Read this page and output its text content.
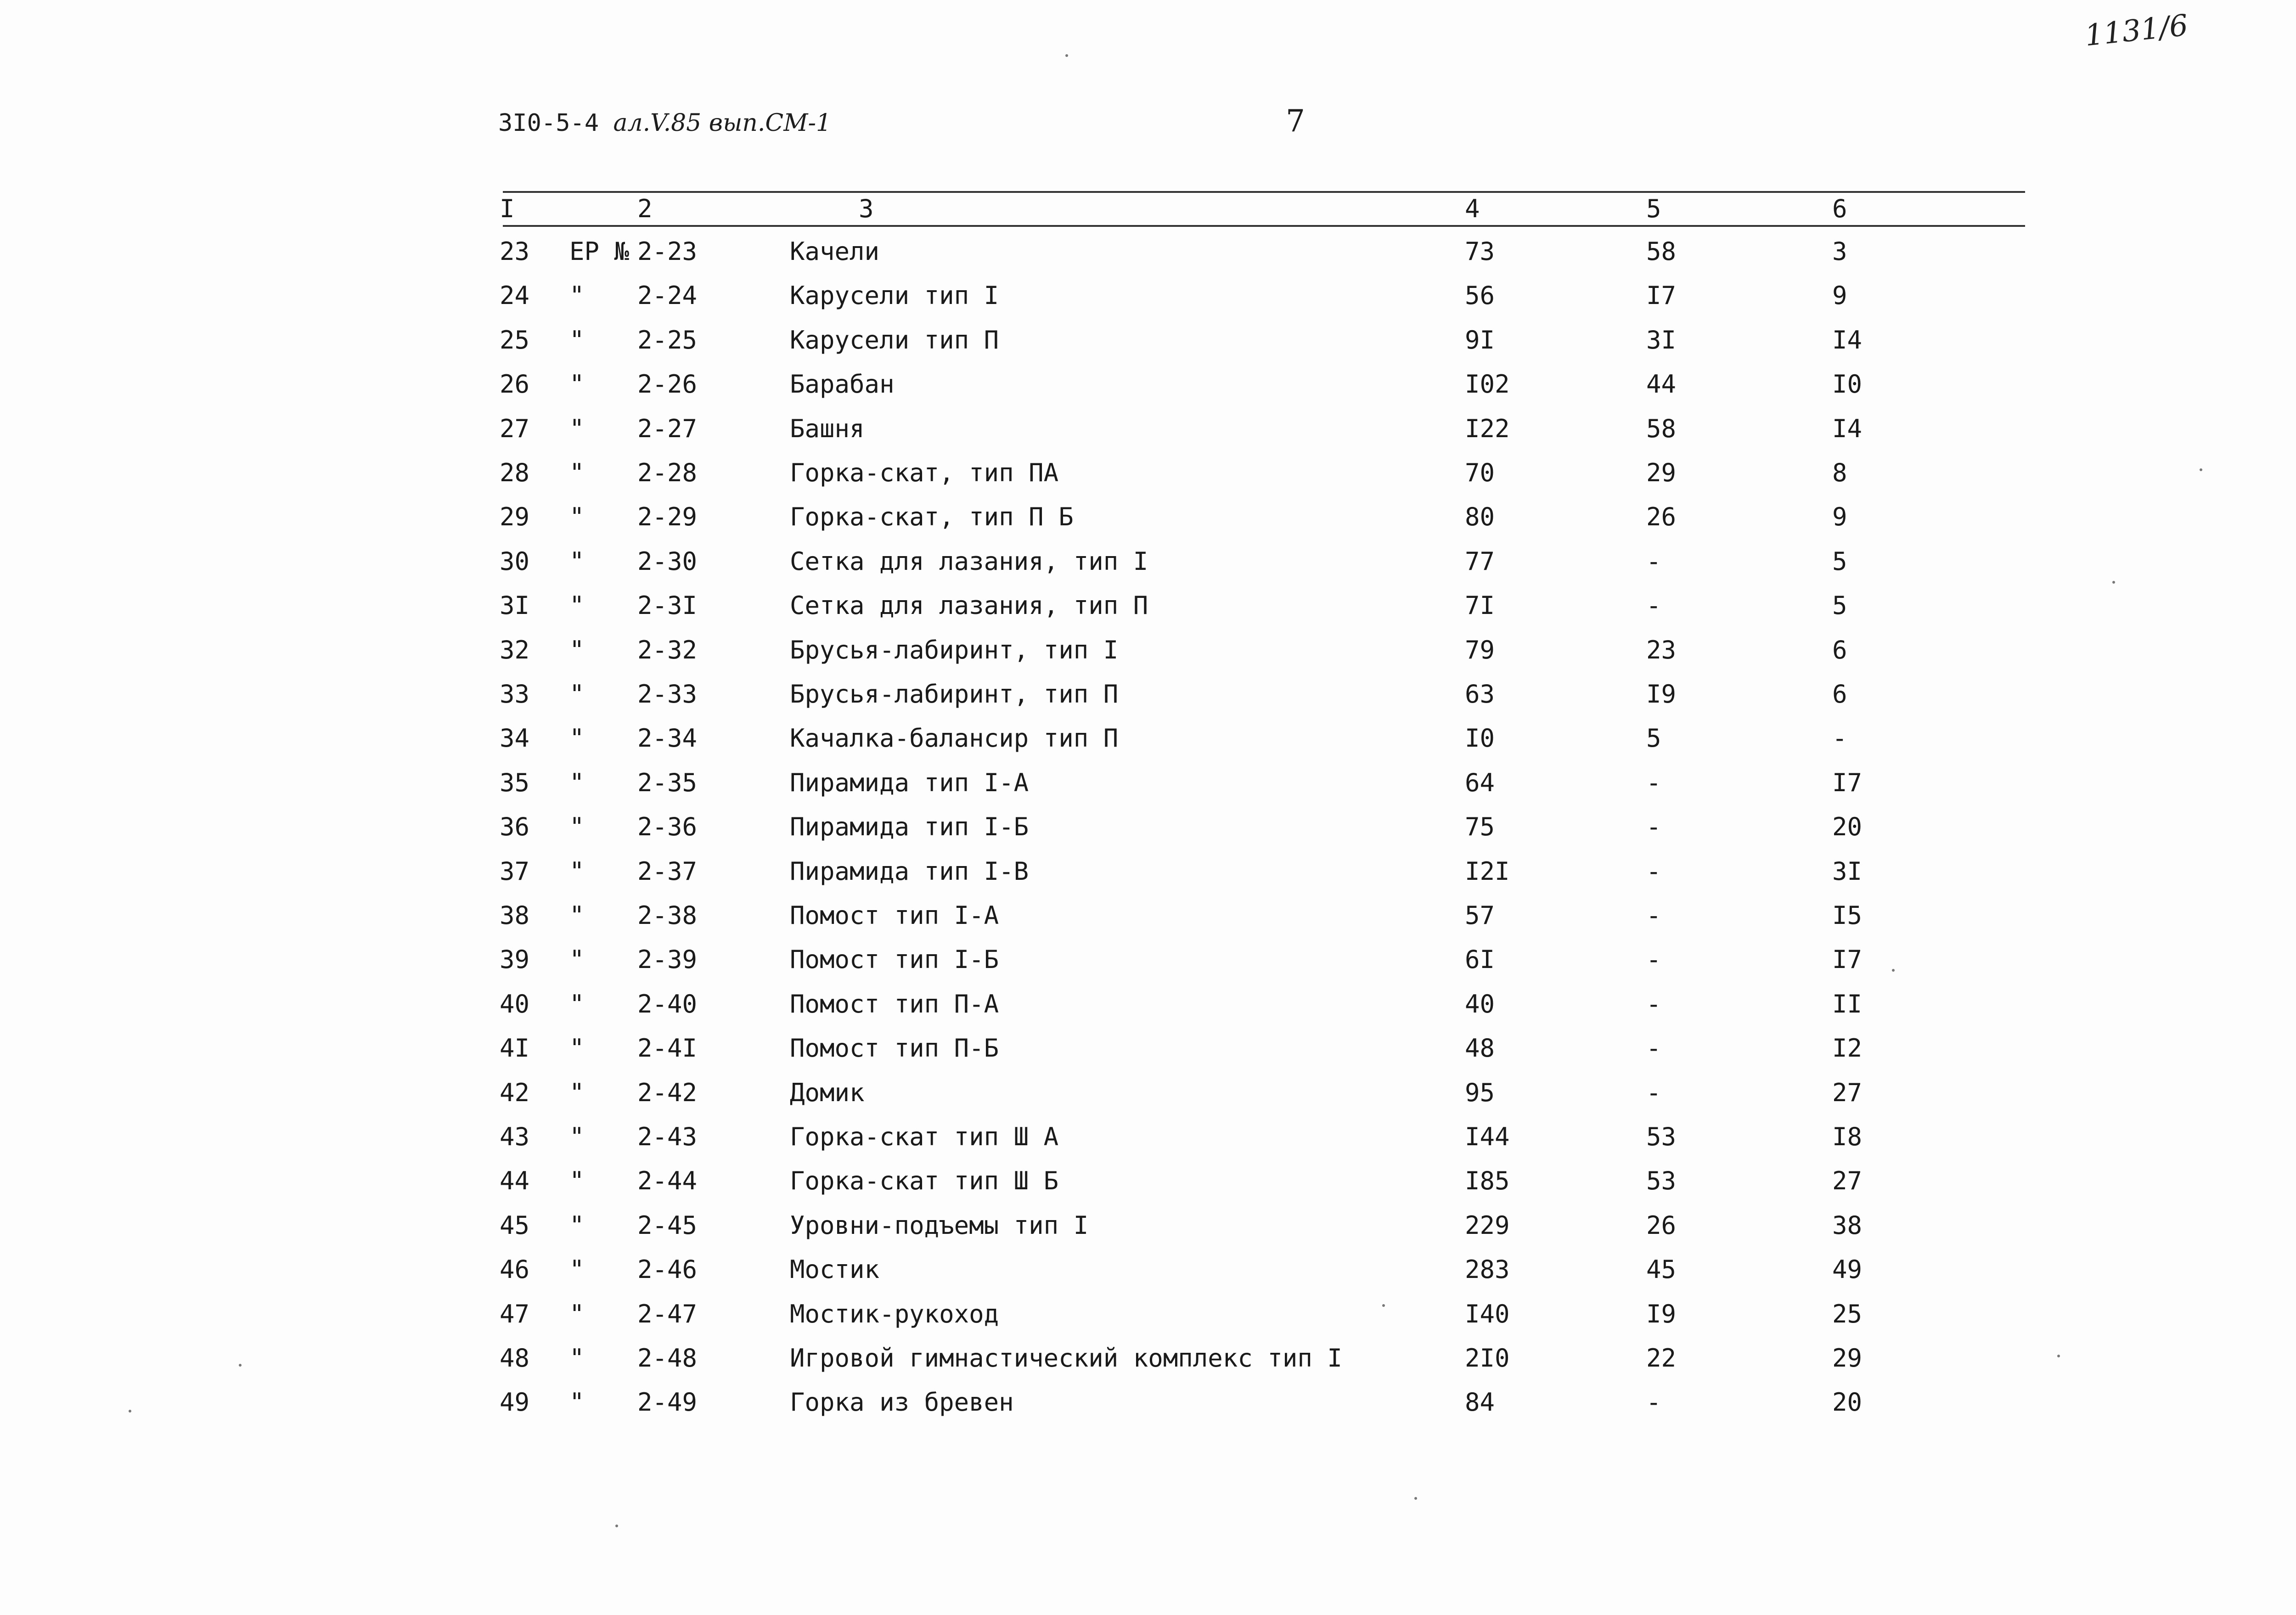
1131/6
3I0-5-4 ал.V.85 вып.СМ-1	7
I	2	3	4	5	6
23 ЕР № 2-23	Качели	73	58	3
24 " 2-24	Карусели тип I	56	I7	9
25 " 2-25	Карусели тип П	9I	3I	I4
26 " 2-26	Барабан	I02	44	I0
27 " 2-27	Башня	I22	58	I4
28 " 2-28	Горка-скат, тип ПА	70	29	8
29 " 2-29	Горка-скат, тип П Б	80	26	9
30 " 2-30	Сетка для лазания, тип I	77	-	5
3I " 2-3I	Сетка для лазания, тип П	7I	-	5
32 " 2-32	Брусья-лабиринт, тип I	79	23	6
33 " 2-33	Брусья-лабиринт, тип П	63	I9	6
34 " 2-34	Качалка-балансир тип П	I0	5	-
35 " 2-35	Пирамида тип I-А	64	-	I7
36 " 2-36	Пирамида тип I-Б	75	-	20
37 " 2-37	Пирамида тип I-В	I2I	-	3I
38 " 2-38	Помост тип I-А	57	-	I5
39 " 2-39	Помост тип I-Б	6I	-	I7
40 " 2-40	Помост тип П-А	40	-	II
4I " 2-4I	Помост тип П-Б	48	-	I2
42 " 2-42	Домик	95	-	27
43 " 2-43	Горка-скат тип Ш А	I44	53	I8
44 " 2-44	Горка-скат тип Ш Б	I85	53	27
45 " 2-45	Уровни-подъемы тип I	229	26	38
46 " 2-46	Мостик	283	45	49
47 " 2-47	Мостик-рукоход	I40	I9	25
48 " 2-48	Игровой гимнастический комплекс тип I	2I0	22	29
49 " 2-49	Горка из бревен	84	-	20
